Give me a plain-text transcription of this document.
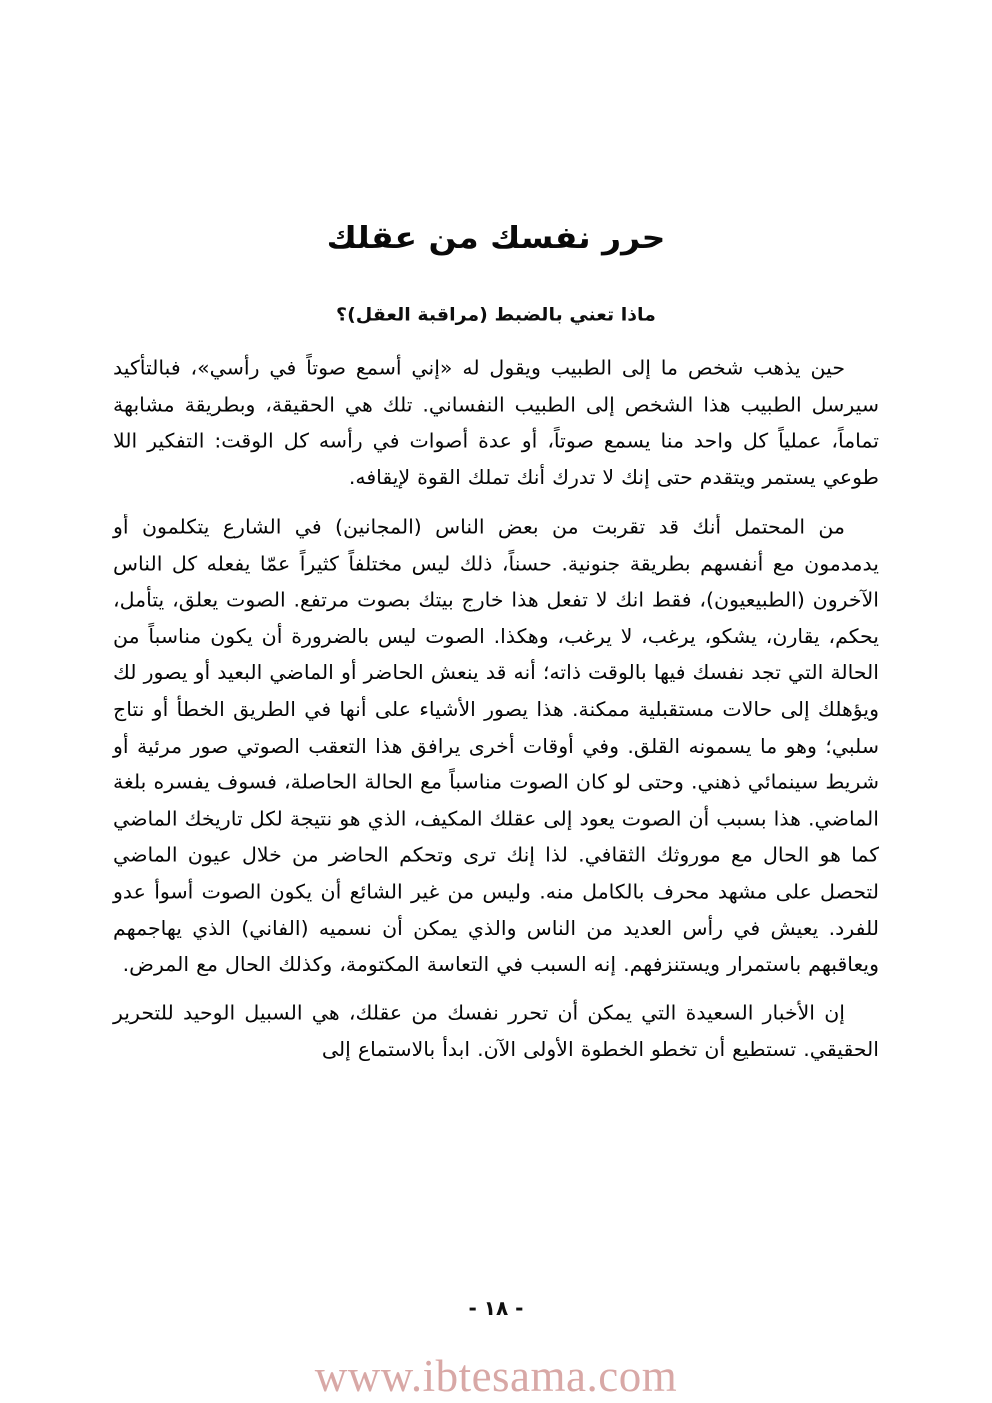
حرر نفسك من عقلك
ماذا تعني بالضبط (مراقبة العقل)؟

حين يذهب شخص ما إلى الطبيب ويقول له «إني أسمع صوتاً في رأسي»، فبالتأكيد سيرسل الطبيب هذا الشخص إلى الطبيب النفساني. تلك هي الحقيقة، وبطريقة مشابهة تماماً، عملياً كل واحد منا يسمع صوتاً، أو عدة أصوات في رأسه كل الوقت: التفكير اللا طوعي يستمر ويتقدم حتى إنك لا تدرك أنك تملك القوة لإيقافه.

من المحتمل أنك قد تقربت من بعض الناس (المجانين) في الشارع يتكلمون أو يدمدمون مع أنفسهم بطريقة جنونية. حسناً، ذلك ليس مختلفاً كثيراً عمّا يفعله كل الناس الآخرون (الطبيعيون)، فقط انك لا تفعل هذا خارج بيتك بصوت مرتفع. الصوت يعلق، يتأمل، يحكم، يقارن، يشكو، يرغب، لا يرغب، وهكذا. الصوت ليس بالضرورة أن يكون مناسباً من الحالة التي تجد نفسك فيها بالوقت ذاته؛ أنه قد ينعش الحاضر أو الماضي البعيد أو يصور لك ويؤهلك إلى حالات مستقبلية ممكنة. هذا يصور الأشياء على أنها في الطريق الخطأ أو نتاج سلبي؛ وهو ما يسمونه القلق. وفي أوقات أخرى يرافق هذا التعقب الصوتي صور مرئية أو شريط سينمائي ذهني. وحتى لو كان الصوت مناسباً مع الحالة الحاصلة، فسوف يفسره بلغة الماضي. هذا بسبب أن الصوت يعود إلى عقلك المكيف، الذي هو نتيجة لكل تاريخك الماضي كما هو الحال مع موروثك الثقافي. لذا إنك ترى وتحكم الحاضر من خلال عيون الماضي لتحصل على مشهد محرف بالكامل منه. وليس من غير الشائع أن يكون الصوت أسوأ عدو للفرد. يعيش في رأس العديد من الناس والذي يمكن أن نسميه (الفاني) الذي يهاجمهم ويعاقبهم باستمرار ويستنزفهم. إنه السبب في التعاسة المكتومة، وكذلك الحال مع المرض.

إن الأخبار السعيدة التي يمكن أن تحرر نفسك من عقلك، هي السبيل الوحيد للتحرير الحقيقي. تستطيع أن تخطو الخطوة الأولى الآن. ابدأ بالاستماع إلى

- ١٨ -
www.ibtesama.com
